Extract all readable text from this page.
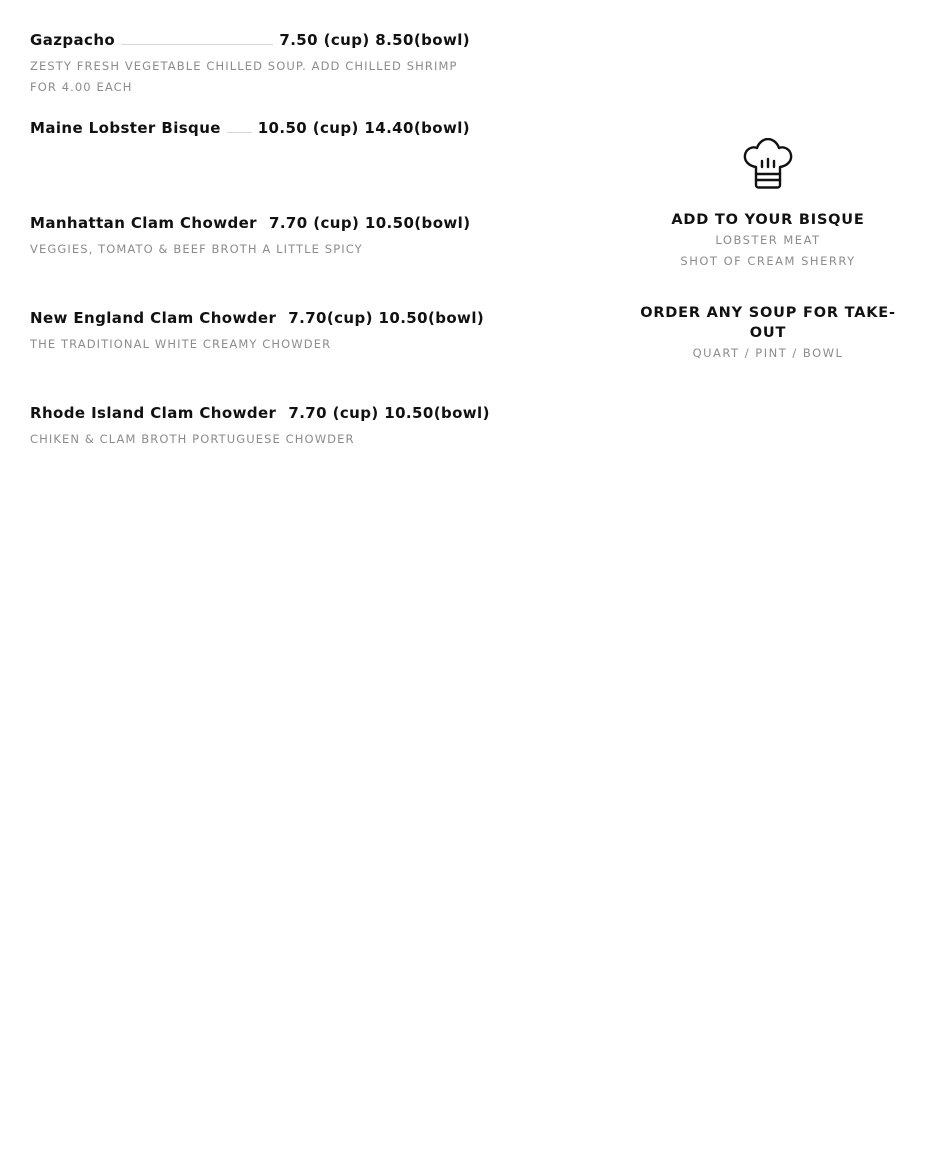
Gazpacho	7.50 (cup) 8.50(bowl)
ZESTY FRESH VEGETABLE CHILLED SOUP. ADD CHILLED SHRIMP
FOR 4.00 EACH
Maine Lobster Bisque 10.50 (cup) 14.40(bowl)
Manhattan Clam Chowder 7.70 (cup) 10.50(bowl)
VEGGIES, TOMATO & BEEF BROTH A LITTLE SPICY
New England Clam Chowder 7.70(cup) 10.50(bowl)
THE TRADITIONAL WHITE CREAMY CHOWDER
Rhode Island Clam Chowder 7.70 (cup) 10.50(bowl)
CHIKEN & CLAM BROTH PORTUGUESE CHOWDER
ADD TO YOUR BISQUE
LOBSTER MEAT
SHOT OF CREAM SHERRY
ORDER ANY SOUP FOR TAKE-OUT
QUART / PINT / BOWL
